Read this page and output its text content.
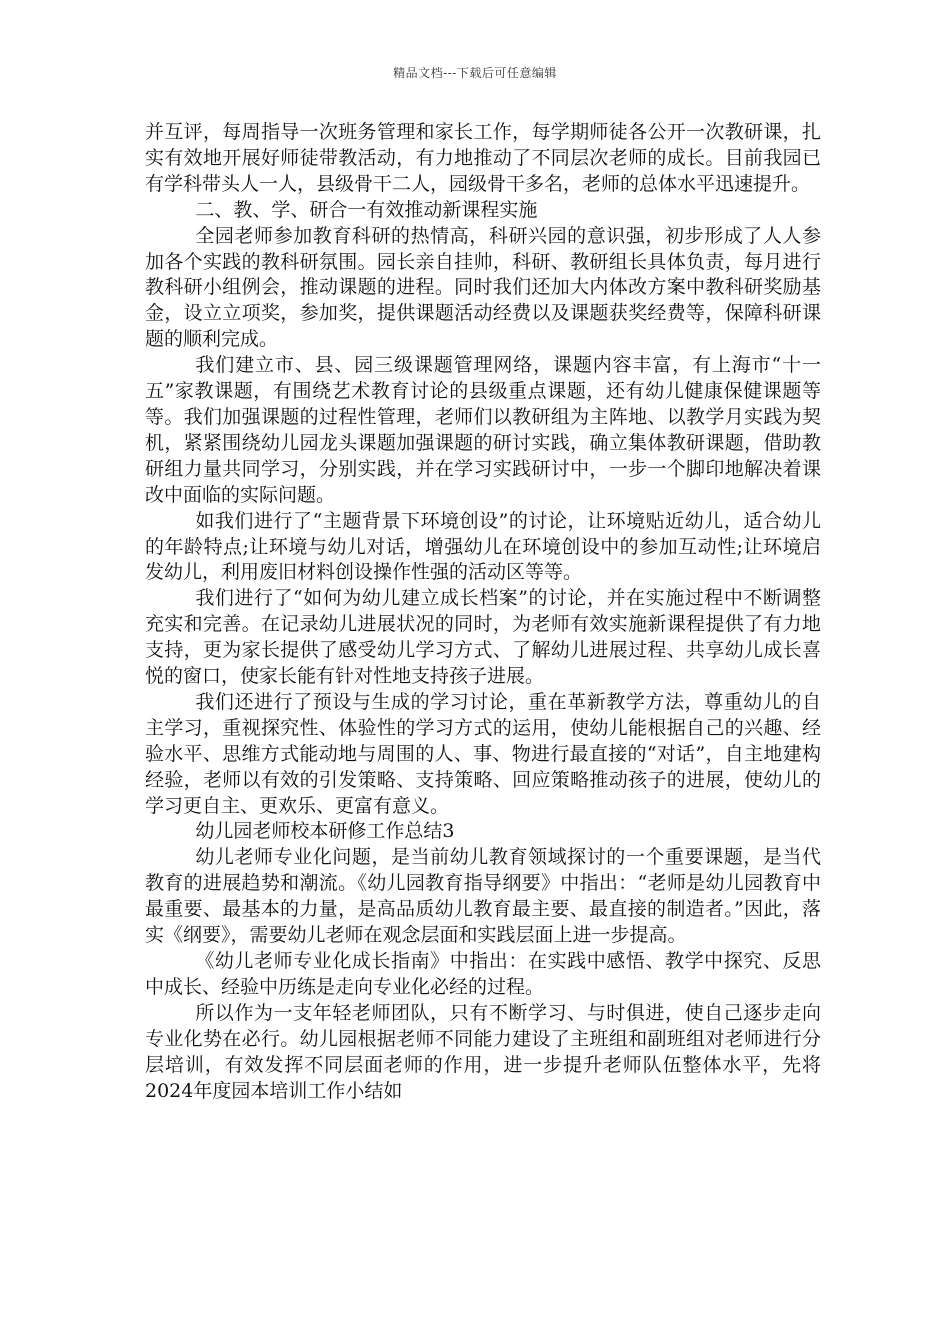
精品文档---下载后可任意编辑

并互评，每周指导一次班务管理和家长工作，每学期师徒各公开一次教研课，扎实有效地开展好师徒带教活动，有力地推动了不同层次老师的成长。目前我园已有学科带头人一人，县级骨干二人，园级骨干多名，老师的总体水平迅速提升。

二、教、学、研合一有效推动新课程实施

全园老师参加教育科研的热情高，科研兴园的意识强，初步形成了人人参加各个实践的教科研氛围。园长亲自挂帅，科研、教研组长具体负责，每月进行教科研小组例会，推动课题的进程。同时我们还加大内体改方案中教科研奖励基金，设立立项奖，参加奖，提供课题活动经费以及课题获奖经费等，保障科研课题的顺利完成。

我们建立市、县、园三级课题管理网络，课题内容丰富，有上海市“十一五”家教课题，有围绕艺术教育讨论的县级重点课题，还有幼儿健康保健课题等等。我们加强课题的过程性管理，老师们以教研组为主阵地、以教学月实践为契机，紧紧围绕幼儿园龙头课题加强课题的研讨实践，确立集体教研课题，借助教研组力量共同学习，分别实践，并在学习实践研讨中，一步一个脚印地解决着课改中面临的实际问题。

如我们进行了“主题背景下环境创设”的讨论，让环境贴近幼儿，适合幼儿的年龄特点;让环境与幼儿对话，增强幼儿在环境创设中的参加互动性;让环境启发幼儿，利用废旧材料创设操作性强的活动区等等。

我们进行了“如何为幼儿建立成长档案”的讨论，并在实施过程中不断调整充实和完善。在记录幼儿进展状况的同时，为老师有效实施新课程提供了有力地支持，更为家长提供了感受幼儿学习方式、了解幼儿进展过程、共享幼儿成长喜悦的窗口，使家长能有针对性地支持孩子进展。

我们还进行了预设与生成的学习讨论，重在革新教学方法，尊重幼儿的自主学习，重视探究性、体验性的学习方式的运用，使幼儿能根据自己的兴趣、经验水平、思维方式能动地与周围的人、事、物进行最直接的“对话”，自主地建构经验，老师以有效的引发策略、支持策略、回应策略推动孩子的进展，使幼儿的学习更自主、更欢乐、更富有意义。

幼儿园老师校本研修工作总结3

幼儿老师专业化问题，是当前幼儿教育领域探讨的一个重要课题，是当代教育的进展趋势和潮流。《幼儿园教育指导纲要》中指出：“老师是幼儿园教育中最重要、最基本的力量，是高品质幼儿教育最主要、最直接的制造者。”因此，落实《纲要》，需要幼儿老师在观念层面和实践层面上进一步提高。

《幼儿老师专业化成长指南》中指出：在实践中感悟、教学中探究、反思中成长、经验中历练是走向专业化必经的过程。

所以作为一支年轻老师团队，只有不断学习、与时俱进，使自己逐步走向专业化势在必行。幼儿园根据老师不同能力建设了主班组和副班组对老师进行分层培训，有效发挥不同层面老师的作用，进一步提升老师队伍整体水平，先将2024年度园本培训工作小结如
